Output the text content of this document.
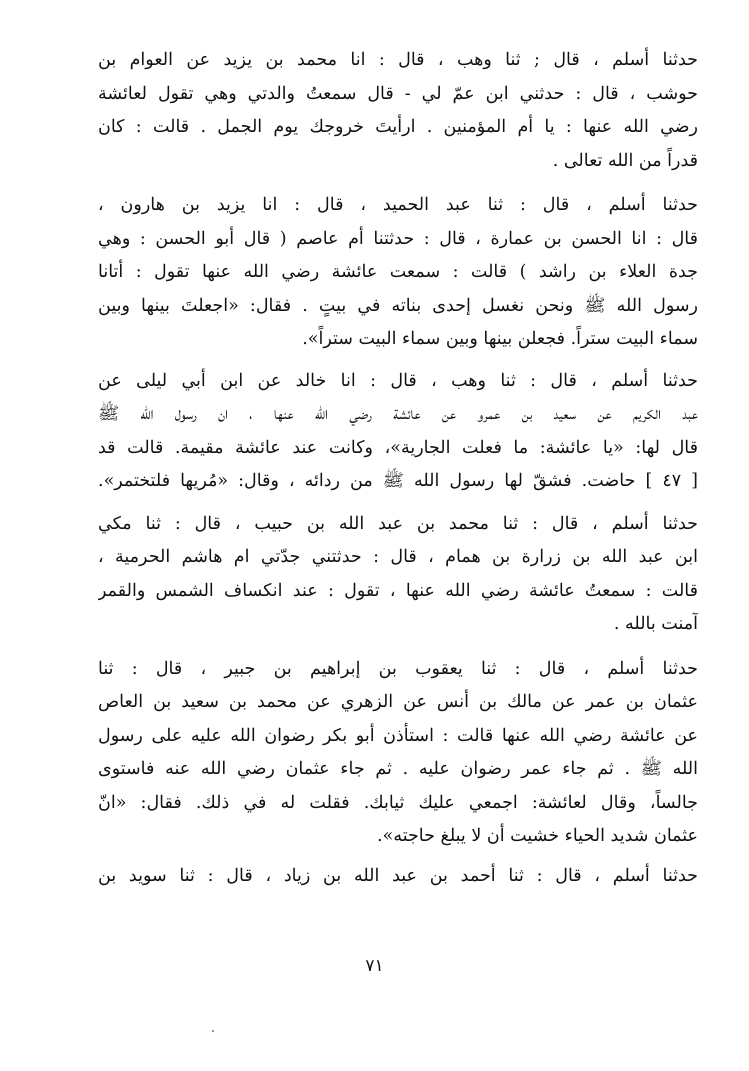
حدثنا أسلم ، قال ; ثنا وهب ، قال : انا محمد بن يزيد عن العوام بن
حوشب ، قال : حدثني ابن عمّ لي - قال سمعتُ والدتي وهي تقول لعائشة
رضي الله عنها : يا أم المؤمنين . ارأيتَ خروجك يوم الجمل . قالت : كان
قدراً من الله تعالى .
حدثنا أسلم ، قال : ثنا عبد الحميد ، قال : انا يزيد بن هارون ،
قال : انا الحسن بن عمارة ، قال : حدثتنا أم عاصم ( قال أبو الحسن : وهي
جدة العلاء بن راشد ) قالت : سمعت عائشة رضي الله عنها تقول : أتانا
رسول الله ﷺ ونحن نغسل إحدى بناته في بيتٍ . فقال: «اجعلتَ بينها وبين
سماء البيت ستراً. فجعلن بينها وبين سماء البيت ستراً».
حدثنا أسلم ، قال : ثنا وهب ، قال : انا خالد عن ابن أبي ليلى عن
عبد الكريم عن سعيد بن عمرو عن عائشة رضي الله عنها ، ان رسول الله ﷺ
قال لها: «يا عائشة: ما فعلت الجارية»، وكانت عند عائشة مقيمة. قالت قد
[ ٤٧ ] حاضت. فشقّ لها رسول الله ﷺ من ردائه ، وقال: «مُريها فلتختمر».
حدثنا أسلم ، قال : ثنا محمد بن عبد الله بن حبيب ، قال : ثنا مكي
ابن عبد الله بن زرارة بن همام ، قال : حدثتني جدّتي ام هاشم الحرمية ،
قالت : سمعتُ عائشة رضي الله عنها ، تقول : عند انكساف الشمس والقمر
آمنت بالله .
حدثنا أسلم ، قال : ثنا يعقوب بن إبراهيم بن جبير ، قال : ثنا
عثمان بن عمر عن مالك بن أنس عن الزهري عن محمد بن سعيد بن العاص
عن عائشة رضي الله عنها قالت : استأذن أبو بكر رضوان الله عليه على رسول
الله ﷺ . ثم جاء عمر رضوان عليه . ثم جاء عثمان رضي الله عنه فاستوى
جالساً، وقال لعائشة: اجمعي عليك ثيابك. فقلت له في ذلك. فقال: «انّ
عثمان شديد الحياء خشيت أن لا يبلغ حاجته».
حدثنا أسلم ، قال : ثنا أحمد بن عبد الله بن زياد ، قال : ثنا سويد بن
٧١
